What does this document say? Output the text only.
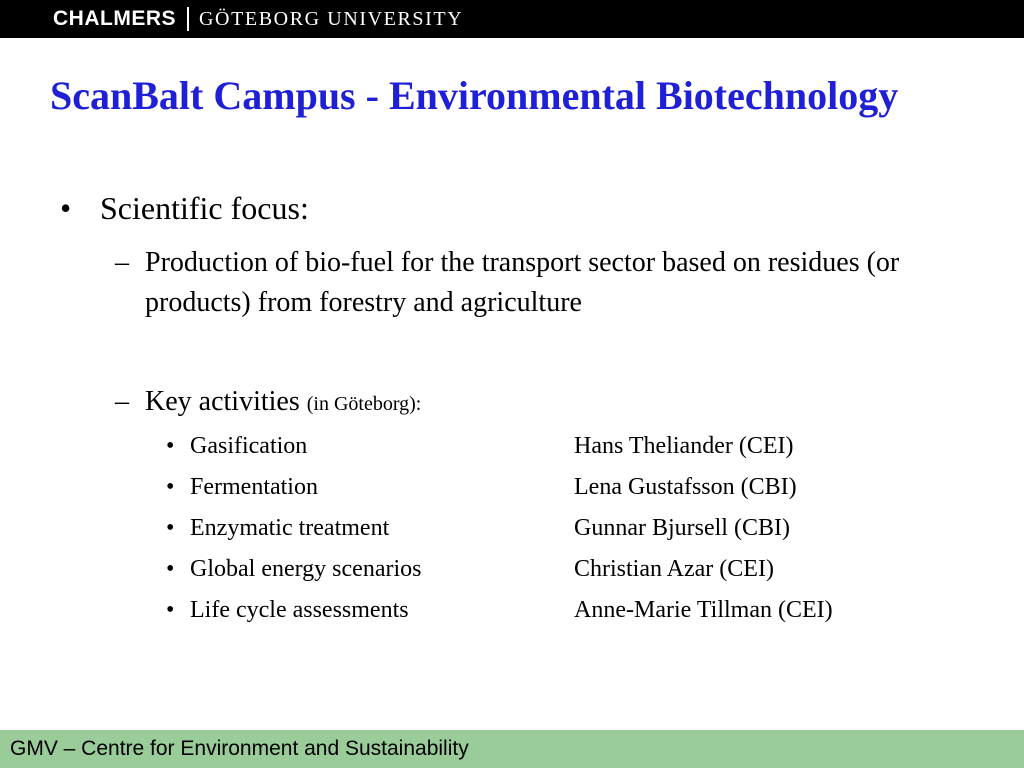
CHALMERS GÖTEBORG UNIVERSITY
ScanBalt Campus - Environmental Biotechnology
• Scientific focus:
– Production of bio-fuel for the transport sector based on residues (or products) from forestry and agriculture
– Key activities (in Göteborg):
• Gasification	Hans Theliander (CEI)
• Fermentation	Lena Gustafsson (CBI)
• Enzymatic treatment	Gunnar Bjursell (CBI)
• Global energy scenarios	Christian Azar (CEI)
• Life cycle assessments	Anne-Marie Tillman (CEI)
GMV – Centre for Environment and Sustainability
